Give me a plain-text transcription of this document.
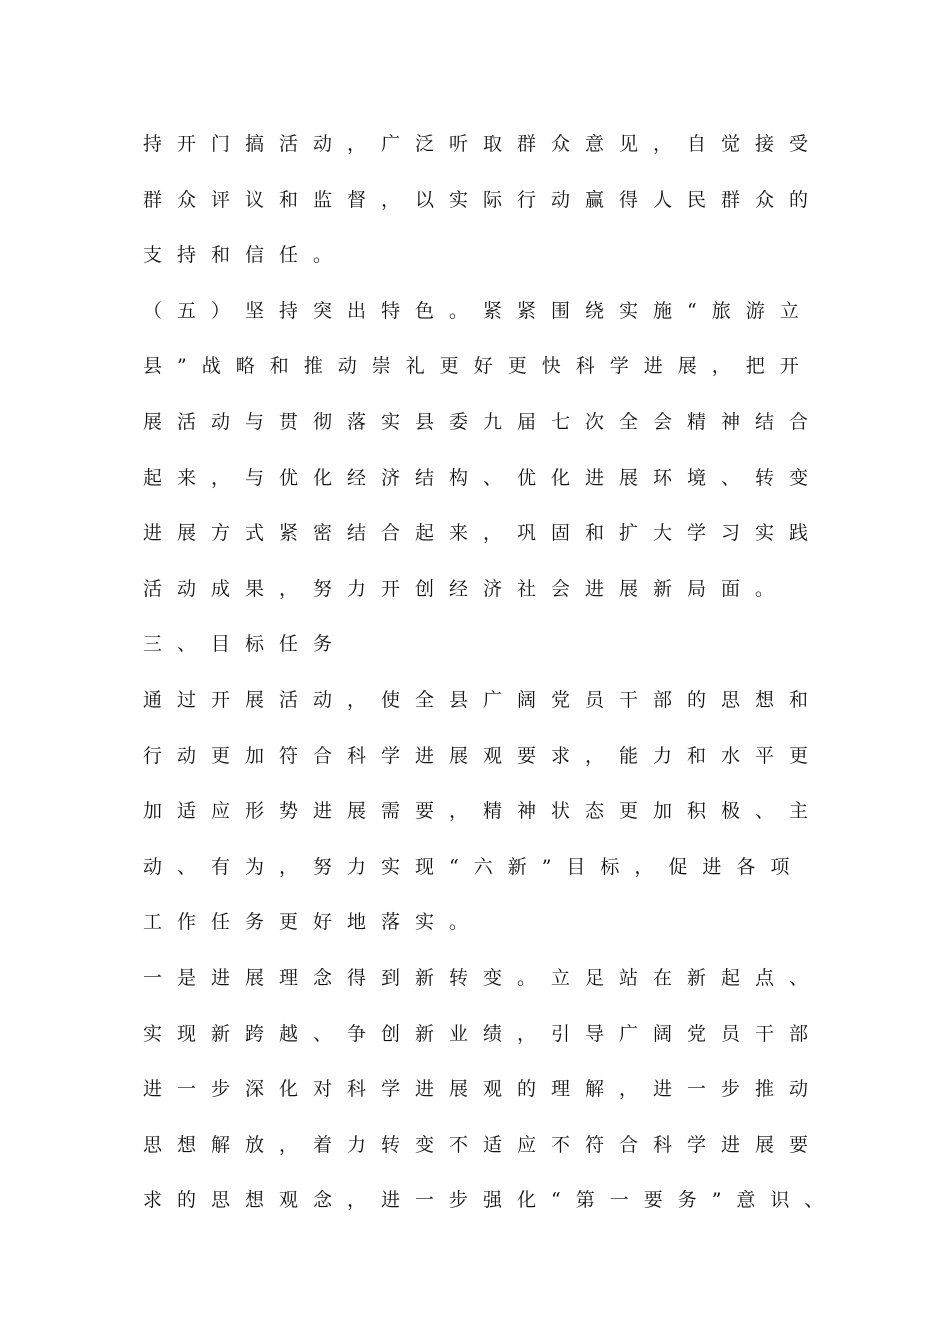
持开门搞活动，广泛听取群众意见，自觉接受
群众评议和监督，以实际行动赢得人民群众的
支持和信任。
（五）坚持突出特色。紧紧围绕实施“旅游立
县”战略和推动崇礼更好更快科学进展，把开
展活动与贯彻落实县委九届七次全会精神结合
起来，与优化经济结构、优化进展环境、转变
进展方式紧密结合起来，巩固和扩大学习实践
活动成果，努力开创经济社会进展新局面。
三、目标任务
通过开展活动，使全县广阔党员干部的思想和
行动更加符合科学进展观要求，能力和水平更
加适应形势进展需要，精神状态更加积极、主
动、有为，努力实现“六新”目标，促进各项
工作任务更好地落实。
一是进展理念得到新转变。立足站在新起点、
实现新跨越、争创新业绩，引导广阔党员干部
进一步深化对科学进展观的理解，进一步推动
思想解放，着力转变不适应不符合科学进展要
求的思想观念，进一步强化“第一要务”意识、
